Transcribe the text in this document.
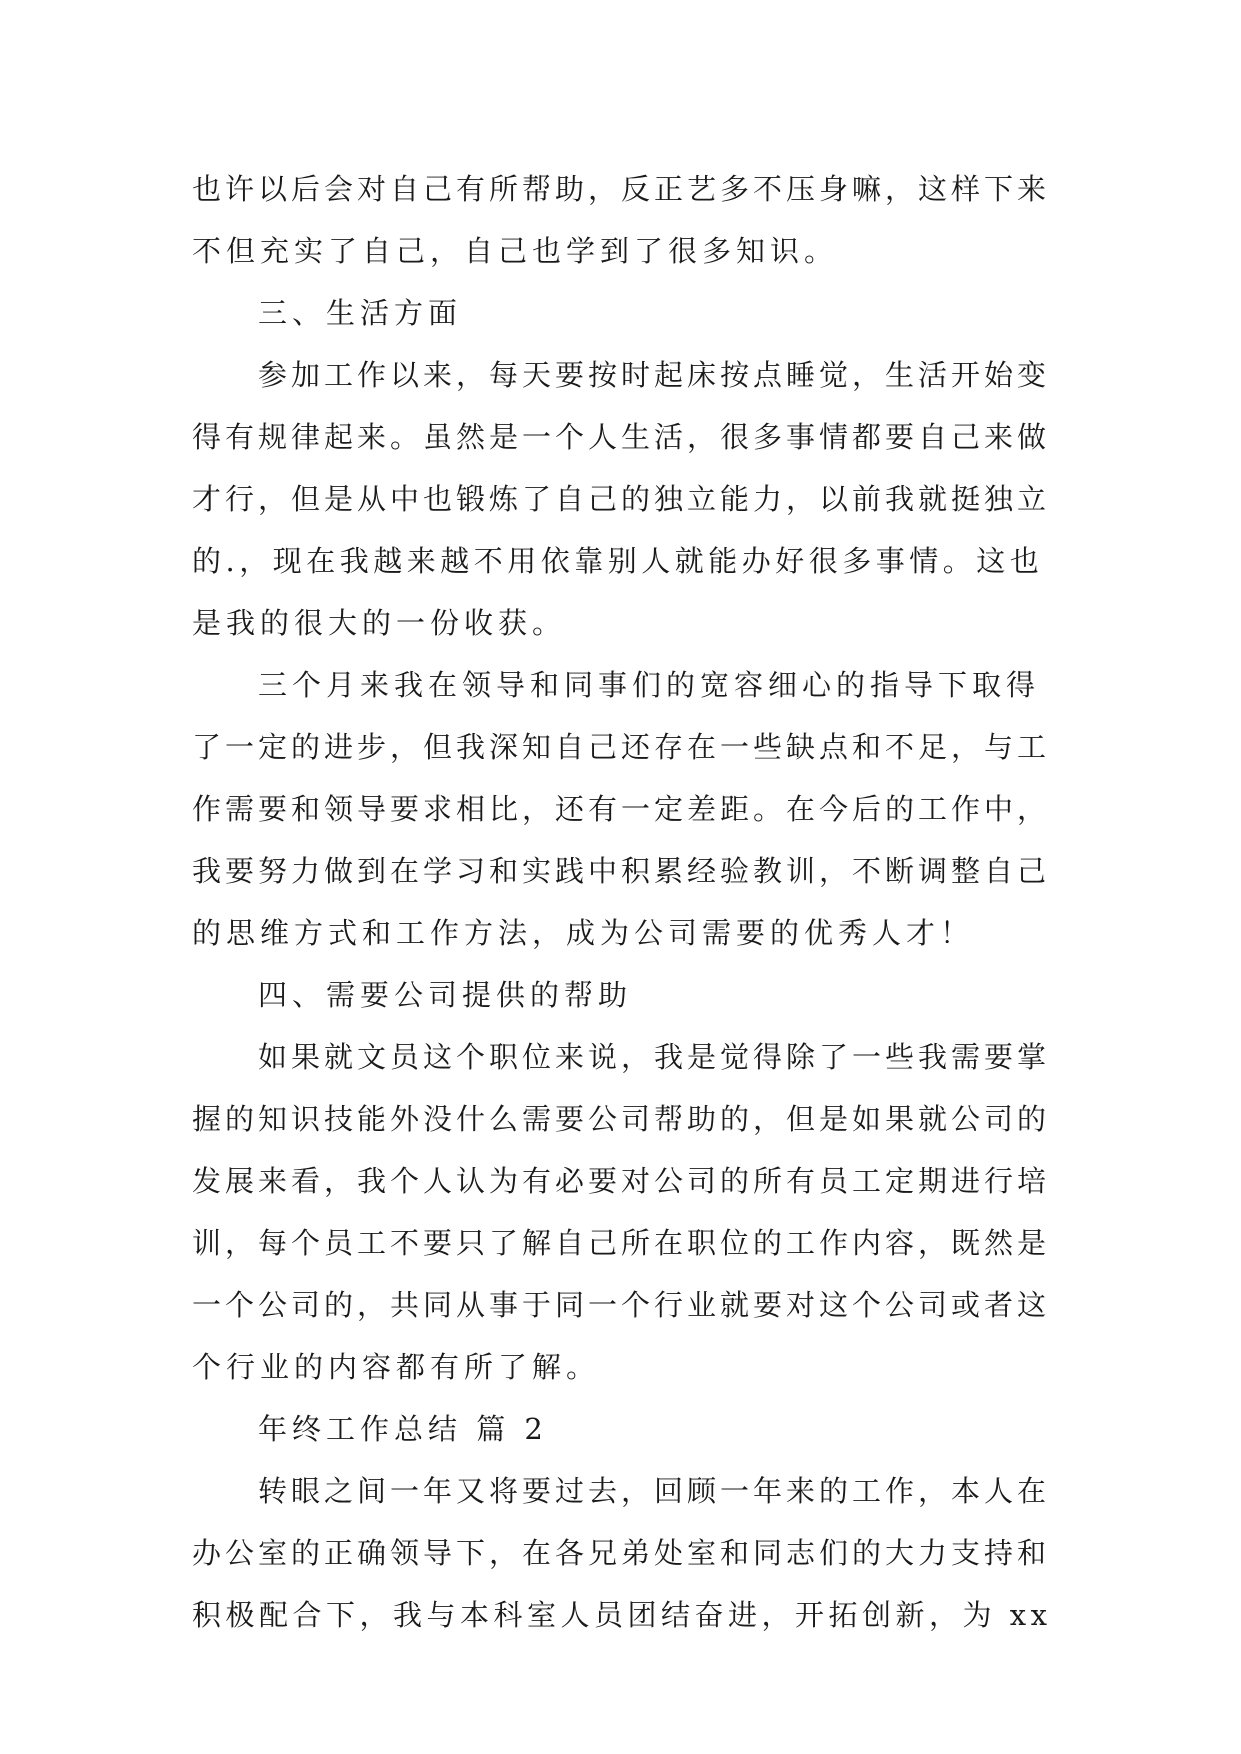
也许以后会对自己有所帮助，反正艺多不压身嘛，这样下来
不但充实了自己，自己也学到了很多知识。
三、生活方面
参加工作以来，每天要按时起床按点睡觉，生活开始变
得有规律起来。虽然是一个人生活，很多事情都要自己来做
才行，但是从中也锻炼了自己的独立能力，以前我就挺独立
的.，现在我越来越不用依靠别人就能办好很多事情。这也
是我的很大的一份收获。
三个月来我在领导和同事们的宽容细心的指导下取得
了一定的进步，但我深知自己还存在一些缺点和不足，与工
作需要和领导要求相比，还有一定差距。在今后的工作中，
我要努力做到在学习和实践中积累经验教训，不断调整自己
的思维方式和工作方法，成为公司需要的优秀人才！
四、需要公司提供的帮助
如果就文员这个职位来说，我是觉得除了一些我需要掌
握的知识技能外没什么需要公司帮助的，但是如果就公司的
发展来看，我个人认为有必要对公司的所有员工定期进行培
训，每个员工不要只了解自己所在职位的工作内容，既然是
一个公司的，共同从事于同一个行业就要对这个公司或者这
个行业的内容都有所了解。
年终工作总结 篇 2
转眼之间一年又将要过去，回顾一年来的工作，本人在
办公室的正确领导下，在各兄弟处室和同志们的大力支持和
积极配合下，我与本科室人员团结奋进，开拓创新，为 xx
